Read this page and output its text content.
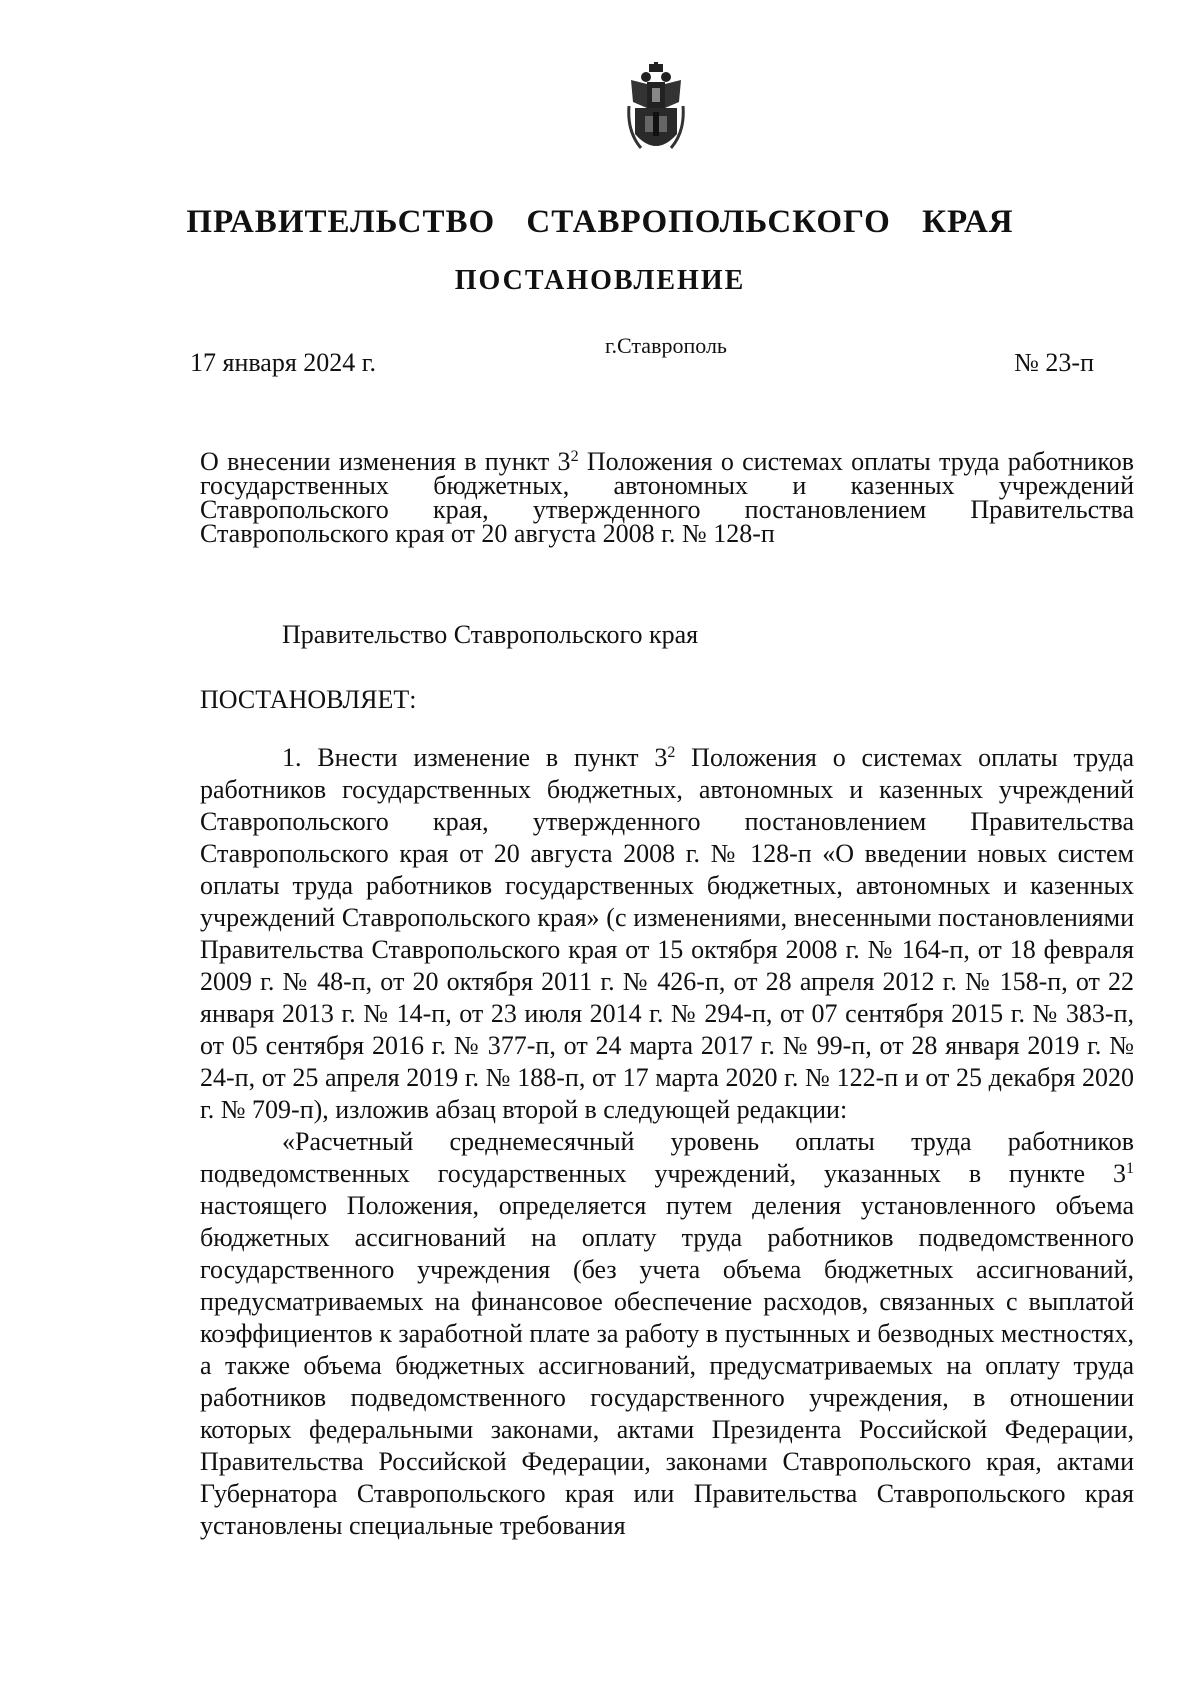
ПРАВИТЕЛЬСТВО СТАВРОПОЛЬСКОГО КРАЯ
ПОСТАНОВЛЕНИЕ
17 января 2024 г.
г.Ставрополь
№ 23-п

О внесении изменения в пункт $3^2$ Положения о системах оплаты труда работников государственных бюджетных, автономных и казенных учреждений Ставропольского края, утвержденного постановлением Правительства Ставропольского края от 20 августа 2008 г. № 128-п

Правительство Ставропольского края

ПОСТАНОВЛЯЕТ:

1. Внести изменение в пункт $3^2$ Положения о системах оплаты труда работников государственных бюджетных, автономных и казенных учреждений Ставропольского края, утвержденного постановлением Правительства Ставропольского края от 20 августа 2008 г. № 128-п «О введении новых систем оплаты труда работников государственных бюджетных, автономных и казенных учреждений Ставропольского края» (с изменениями, внесенными постановлениями Правительства Ставропольского края от 15 октября 2008 г. № 164-п, от 18 февраля 2009 г. № 48-п, от 20 октября 2011 г. № 426-п, от 28 апреля 2012 г. № 158-п, от 22 января 2013 г. № 14-п, от 23 июля 2014 г. № 294-п, от 07 сентября 2015 г. № 383-п, от 05 сентября 2016 г. № 377-п, от 24 марта 2017 г. № 99-п, от 28 января 2019 г. № 24-п, от 25 апреля 2019 г. № 188-п, от 17 марта 2020 г. № 122-п и от 25 декабря 2020 г. № 709-п), изложив абзац второй в следующей редакции:

«Расчетный среднемесячный уровень оплаты труда работников подведомственных государственных учреждений, указанных в пункте $3^1$ настоящего Положения, определяется путем деления установленного объема бюджетных ассигнований на оплату труда работников подведомственного государственного учреждения (без учета объема бюджетных ассигнований, предусматриваемых на финансовое обеспечение расходов, связанных с выплатой коэффициентов к заработной плате за работу в пустынных и безводных местностях, а также объема бюджетных ассигнований, предусматриваемых на оплату труда работников подведомственного государственного учреждения, в отношении которых федеральными законами, актами Президента Российской Федерации, Правительства Российской Федерации, законами Ставропольского края, актами Губернатора Ставропольского края или Правительства Ставропольского края установлены специальные требования
